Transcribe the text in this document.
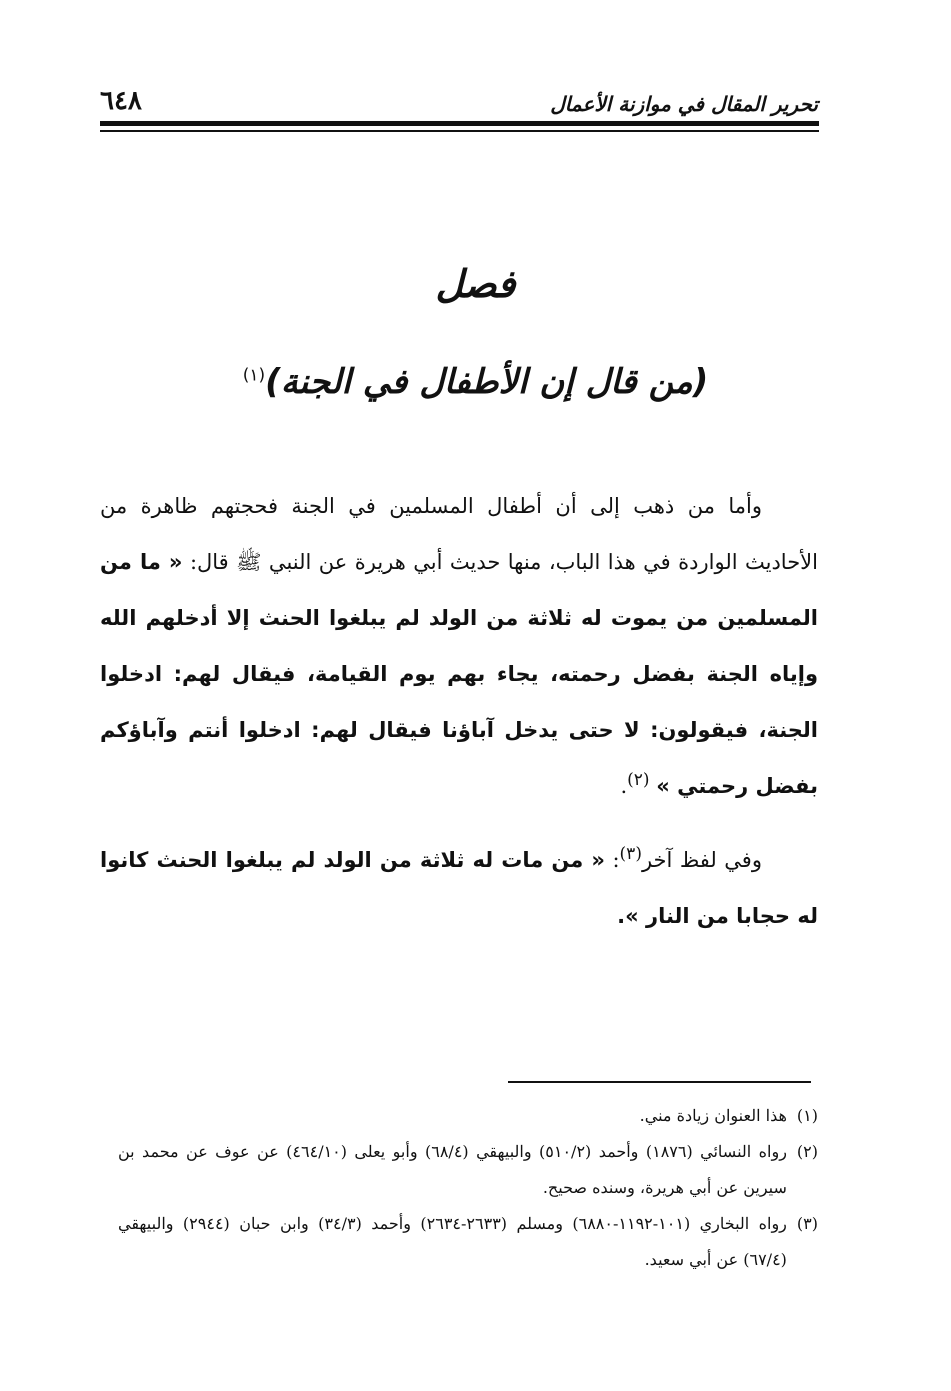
تحرير المقال في موازنة الأعمال
٦٤٨
فصل
(من قال إن الأطفال في الجنة)$^{(١)}$

وأما من ذهب إلى أن أطفال المسلمين في الجنة فحجتهم ظاهرة من الأحاديث الواردة في هذا الباب، منها حديث أبي هريرة عن النبي ﷺ قال: « ما من المسلمين من يموت له ثلاثة من الولد لم يبلغوا الحنث إلا أدخلهم الله وإياه الجنة بفضل رحمته، يجاء بهم يوم القيامة، فيقال لهم: ادخلوا الجنة، فيقولون: لا حتى يدخل آباؤنا فيقال لهم: ادخلوا أنتم وآباؤكم بفضل رحمتي » $^{(٢)}$.

وفي لفظ آخر$^{(٣)}$: « من مات له ثلاثة من الولد لم يبلغوا الحنث كانوا له حجابا من النار ».

(١)
هذا العنوان زيادة مني.
(٢)
رواه النسائي (١٨٧٦) وأحمد (٥١٠/٢) والبيهقي (٦٨/٤) وأبو يعلى (٤٦٤/١٠) عن عوف عن محمد بن سيرين عن أبي هريرة، وسنده صحيح.
(٣)
رواه البخاري (١٠١-١١٩٢-٦٨٨٠) ومسلم (٢٦٣٣-٢٦٣٤) وأحمد (٣٤/٣) وابن حبان (٢٩٤٤) والبيهقي (٦٧/٤) عن أبي سعيد.
